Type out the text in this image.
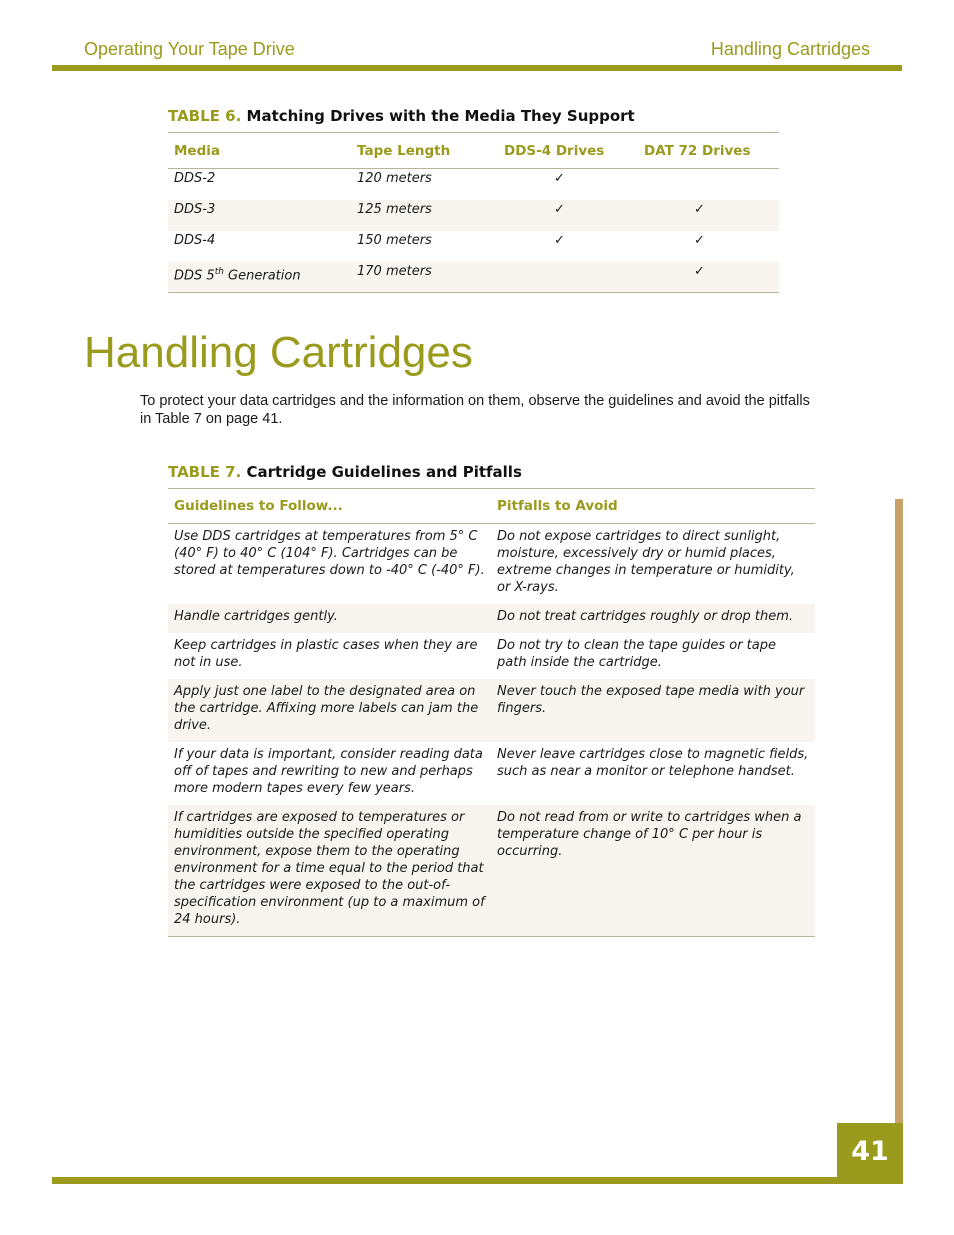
Operating Your Tape Drive	Handling Cartridges
TABLE 6. Matching Drives with the Media They Support
Media	Tape Length	DDS-4 Drives	DAT 72 Drives
DDS-2	120 meters	✓	
DDS-3	125 meters	✓	✓
DDS-4	150 meters	✓	✓
DDS 5th Generation	170 meters		✓
Handling Cartridges

To protect your data cartridges and the information on them, observe the guidelines and avoid the pitfalls in Table 7 on page 41.

TABLE 7. Cartridge Guidelines and Pitfalls
Guidelines to Follow...	Pitfalls to Avoid
Use DDS cartridges at temperatures from 5° C (40° F) to 40° C (104° F). Cartridges can be stored at temperatures down to -40° C (-40° F).	Do not expose cartridges to direct sunlight, moisture, excessively dry or humid places, extreme changes in temperature or humidity, or X-rays.
Handle cartridges gently.	Do not treat cartridges roughly or drop them.
Keep cartridges in plastic cases when they are not in use.	Do not try to clean the tape guides or tape path inside the cartridge.
Apply just one label to the designated area on the cartridge. Affixing more labels can jam the drive.	Never touch the exposed tape media with your fingers.
If your data is important, consider reading data off of tapes and rewriting to new and perhaps more modern tapes every few years.	Never leave cartridges close to magnetic fields, such as near a monitor or telephone handset.
If cartridges are exposed to temperatures or humidities outside the specified operating environment, expose them to the operating environment for a time equal to the period that the cartridges were exposed to the out-of-specification environment (up to a maximum of 24 hours).	Do not read from or write to cartridges when a temperature change of 10° C per hour is occurring.
41
